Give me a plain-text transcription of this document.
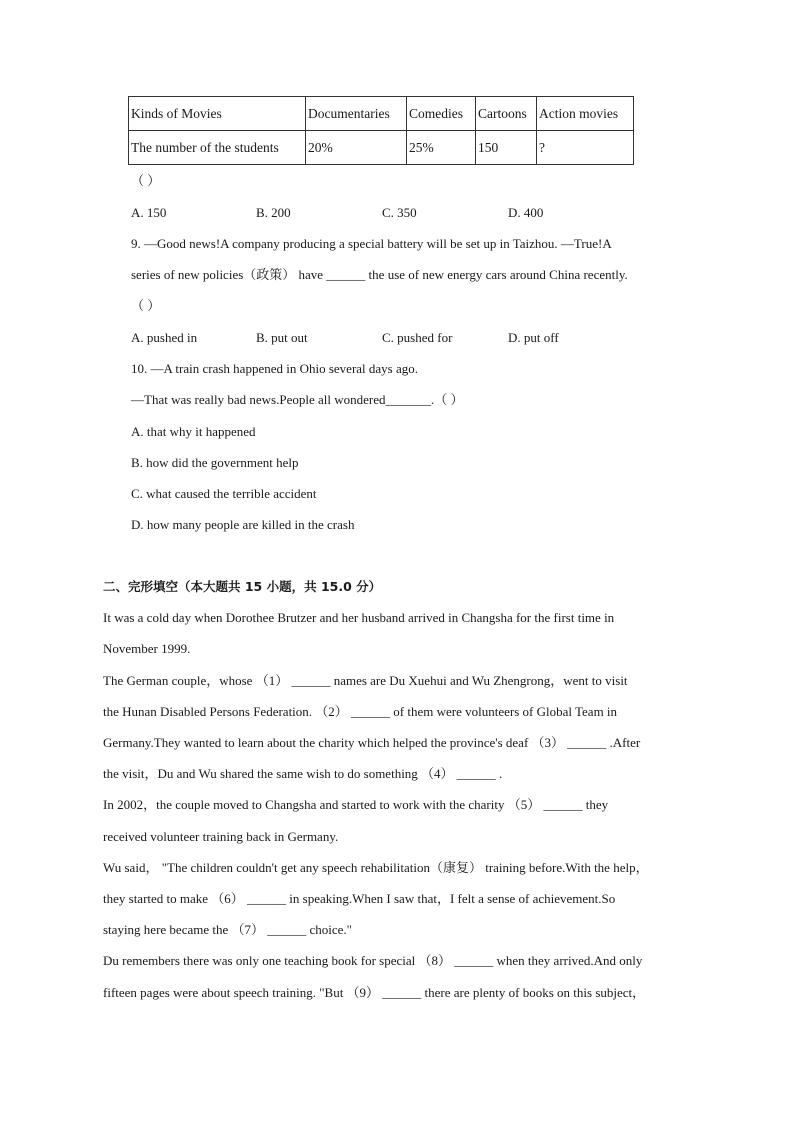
Kinds of Movies	Documentaries	Comedies	Cartoons	Action movies
The number of the students	20%	25%	150	?
（ ）
A. 150	B. 200	C. 350	D. 400
9. —Good news!A company producing a special battery will be set up in Taizhou. —True!A
series of new policies（政策） have ______ the use of new energy cars around China recently.
（ ）
A. pushed in	B. put out	C. pushed for	D. put off
10. —A train crash happened in Ohio several days ago.
—That was really bad news.People all wondered_______.（ ）
A. that why it happened
B. how did the government help
C. what caused the terrible accident
D. how many people are killed in the crash
二、完形填空（本大题共 15 小题，共 15.0 分）
It was a cold day when Dorothee Brutzer and her husband arrived in Changsha for the first time in
November 1999.
The German couple，whose （1） ______ names are Du Xuehui and Wu Zhengrong，went to visit
the Hunan Disabled Persons Federation. （2） ______ of them were volunteers of Global Team in
Germany.They wanted to learn about the charity which helped the province's deaf （3） ______ .After
the visit，Du and Wu shared the same wish to do something （4） ______ .
In 2002，the couple moved to Changsha and started to work with the charity （5） ______ they
received volunteer training back in Germany.
Wu said， "The children couldn't get any speech rehabilitation（康复） training before.With the help，
they started to make （6） ______ in speaking.When I saw that，I felt a sense of achievement.So
staying here became the （7） ______ choice."
Du remembers there was only one teaching book for special （8） ______ when they arrived.And only
fifteen pages were about speech training. "But （9） ______ there are plenty of books on this subject，
